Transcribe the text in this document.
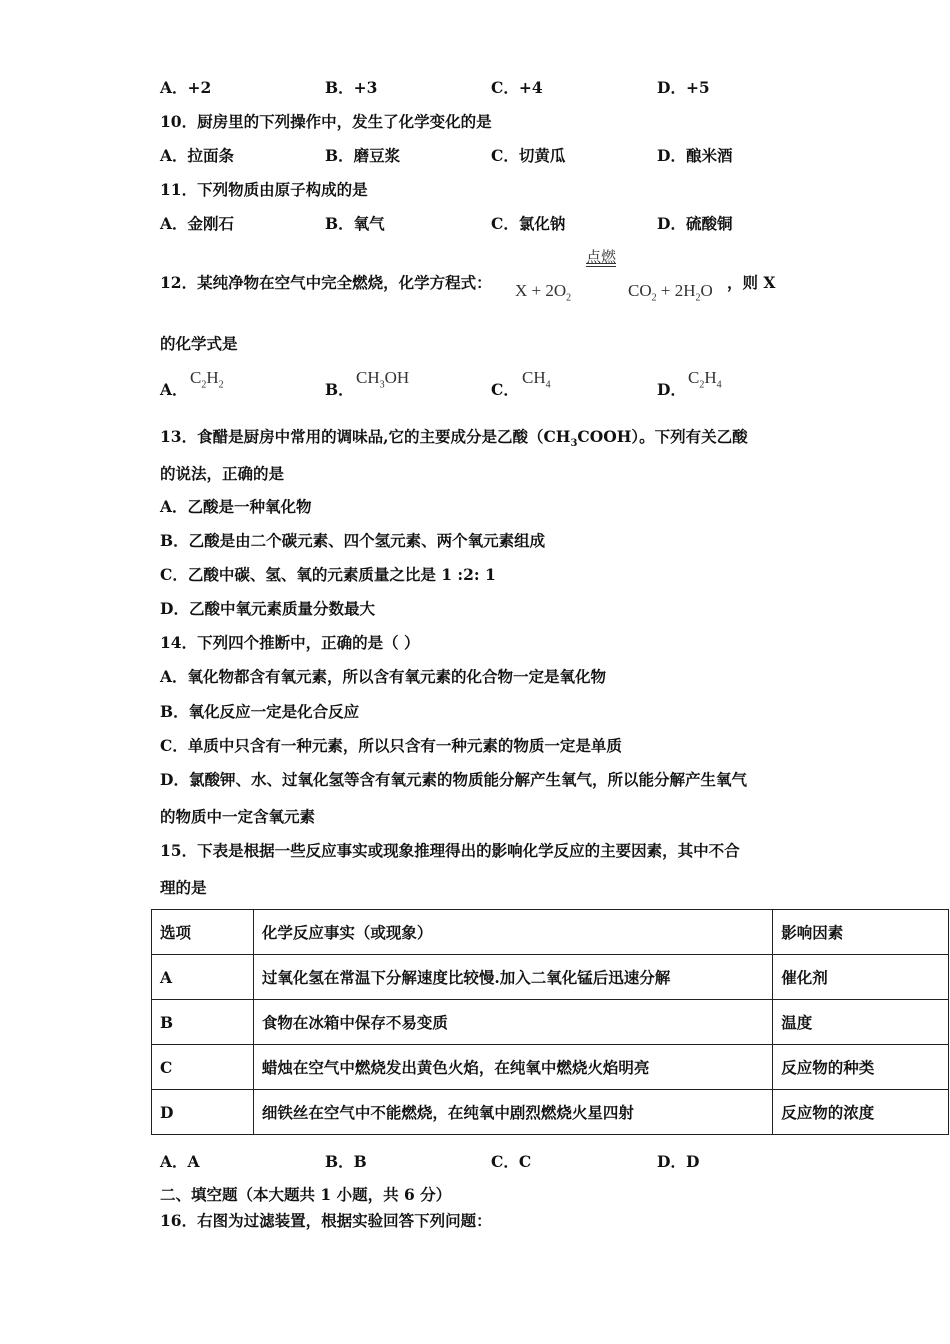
A．+2	B．+3	C．+4	D．+5
10．厨房里的下列操作中，发生了化学变化的是
A．拉面条	B．磨豆浆	C．切黄瓜	D．酿米酒
11．下列物质由原子构成的是
A．金刚石	B．氧气	C．氯化钠	D．硫酸铜
12．某纯净物在空气中完全燃烧，化学方程式： $X + 2O_2$
点燃
$CO_2 + 2H_2O$ ，则 X
的化学式是
A．
$C_2H_2$	B．
$CH_3OH$
C．
$CH_4$	D．
$C_2H_4$
13．食醋是厨房中常用的调味品,它的主要成分是乙酸$(CH_3COOH)$。下列有关乙酸
的说法，正确的是
A．乙酸是一种氧化物
B．乙酸是由二个碳元素、四个氢元素、两个氧元素组成
C．乙酸中碳、氢、氧的元素质量之比是 1 :2: 1
D．乙酸中氧元素质量分数最大
14．下列四个推断中，正确的是（ ）
A．氧化物都含有氧元素，所以含有氧元素的化合物一定是氧化物
B．氧化反应一定是化合反应
C．单质中只含有一种元素，所以只含有一种元素的物质一定是单质
D．氯酸钾、水、过氧化氢等含有氧元素的物质能分解产生氧气，所以能分解产生氧气
的物质中一定含氧元素
15．下表是根据一些反应事实或现象推理得出的影响化学反应的主要因素，其中不合
理的是
选项	化学反应事实（或现象）	影响因素
A	过氧化氢在常温下分解速度比较慢.加入二氧化锰后迅速分解	催化剂
B	食物在冰箱中保存不易变质	温度
C	蜡烛在空气中燃烧发出黄色火焰，在纯氧中燃烧火焰明亮	反应物的种类
D	细铁丝在空气中不能燃烧，在纯氧中剧烈燃烧火星四射	反应物的浓度
A．A	B．B	C．C	D．D
二、填空题（本大题共 1 小题，共 6 分）
16．右图为过滤装置，根据实验回答下列问题：
